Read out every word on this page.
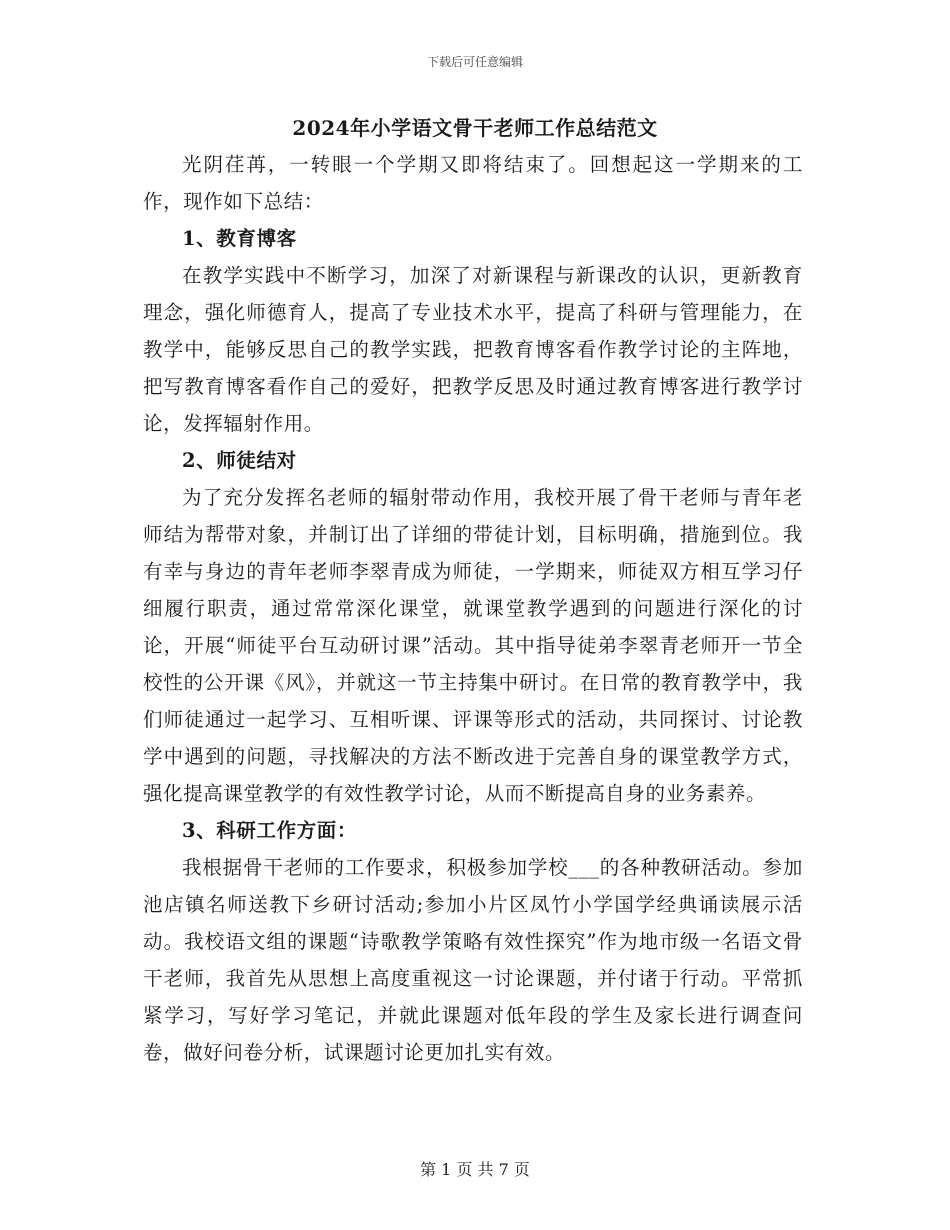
下载后可任意编辑
2024年小学语文骨干老师工作总结范文

光阴荏苒，一转眼一个学期又即将结束了。回想起这一学期来的工作，现作如下总结：

1、教育博客

在教学实践中不断学习，加深了对新课程与新课改的认识，更新教育理念，强化师德育人，提高了专业技术水平，提高了科研与管理能力，在教学中，能够反思自己的教学实践，把教育博客看作教学讨论的主阵地，把写教育博客看作自己的爱好，把教学反思及时通过教育博客进行教学讨论，发挥辐射作用。

2、师徒结对

为了充分发挥名老师的辐射带动作用，我校开展了骨干老师与青年老师结为帮带对象，并制订出了详细的带徒计划，目标明确，措施到位。我有幸与身边的青年老师李翠青成为师徒，一学期来，师徒双方相互学习仔细履行职责，通过常常深化课堂，就课堂教学遇到的问题进行深化的讨论，开展“师徒平台互动研讨课”活动。其中指导徒弟李翠青老师开一节全校性的公开课《风》，并就这一节主持集中研讨。在日常的教育教学中，我们师徒通过一起学习、互相听课、评课等形式的活动，共同探讨、讨论教学中遇到的问题，寻找解决的方法不断改进于完善自身的课堂教学方式，强化提高课堂教学的有效性教学讨论，从而不断提高自身的业务素养。

3、科研工作方面：

我根据骨干老师的工作要求，积极参加学校___的各种教研活动。参加池店镇名师送教下乡研讨活动;参加小片区凤竹小学国学经典诵读展示活动。我校语文组的课题“诗歌教学策略有效性探究”作为地市级一名语文骨干老师，我首先从思想上高度重视这一讨论课题，并付诸于行动。平常抓紧学习，写好学习笔记，并就此课题对低年段的学生及家长进行调查问卷，做好问卷分析，试课题讨论更加扎实有效。

第 1 页 共 7 页
